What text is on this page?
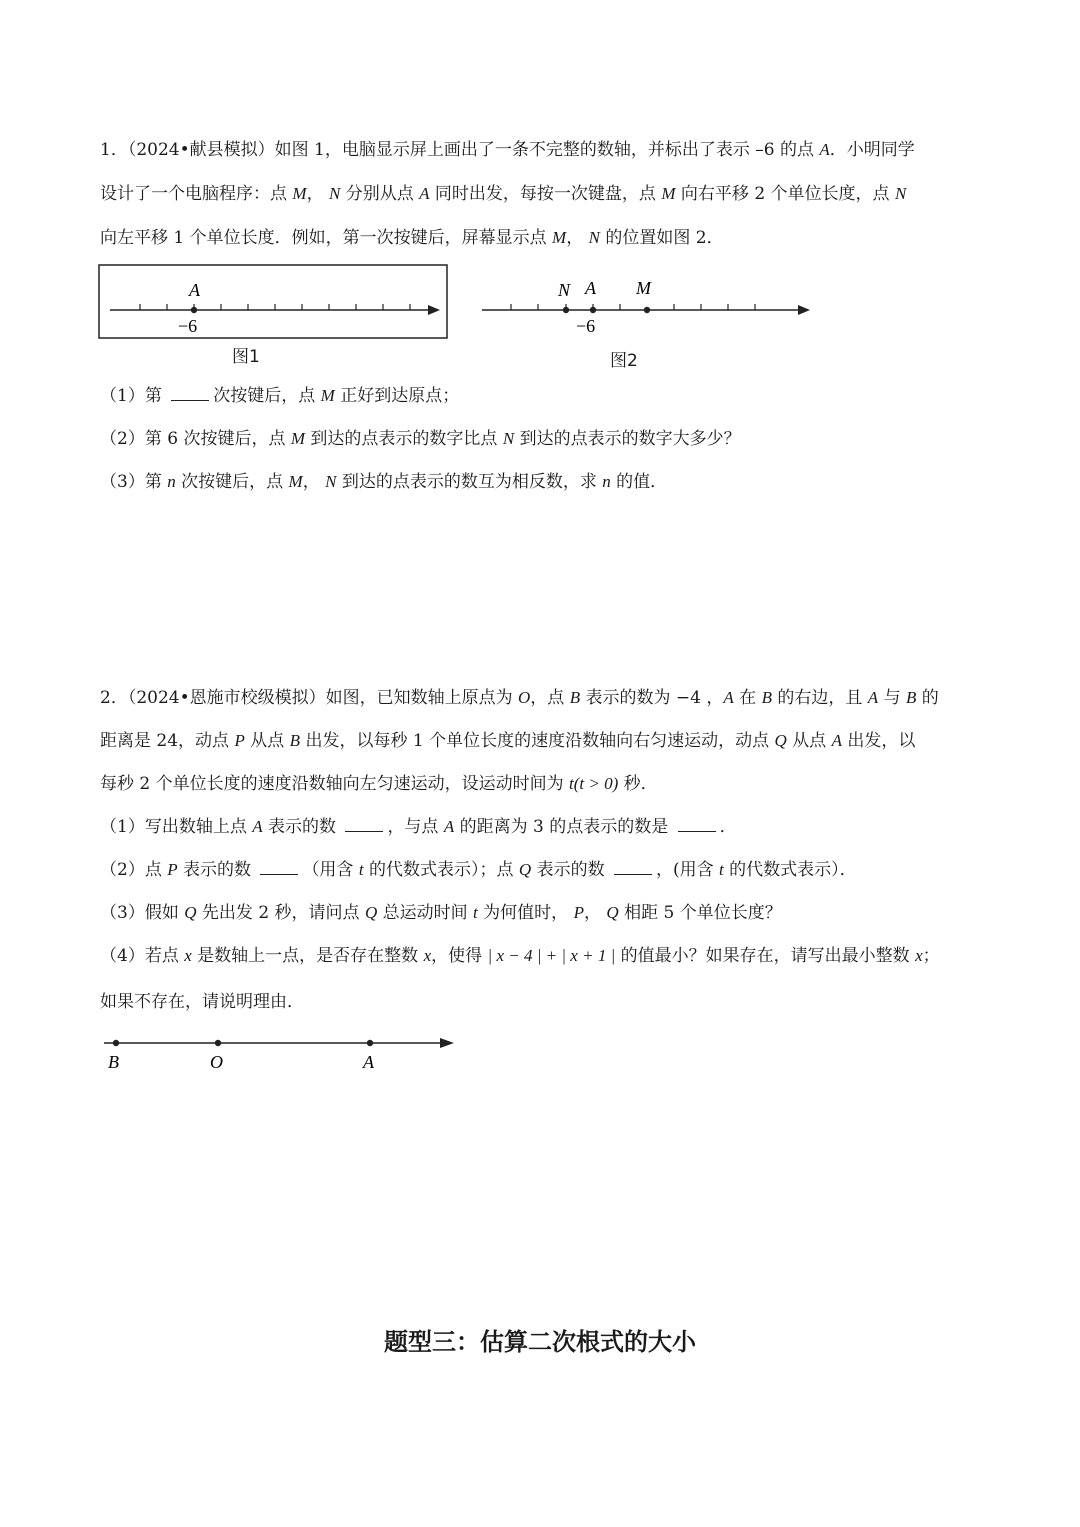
1．（2024•献县模拟）如图 1，电脑显示屏上画出了一条不完整的数轴，并标出了表示 –6 的点 A．小明同学
设计了一个电脑程序：点 M， N 分别从点 A 同时出发，每按一次键盘，点 M 向右平移 2 个单位长度，点 N
向左平移 1 个单位长度．例如，第一次按键后，屏幕显示点 M， N 的位置如图 2．
A
−6
图1
N A M
−6
图2
（1）第	次按键后，点 M 正好到达原点；
（2）第 6 次按键后，点 M 到达的点表示的数字比点 N 到达的点表示的数字大多少？
（3）第 n 次按键后，点 M， N 到达的点表示的数互为相反数，求 n 的值．
2．（2024•恩施市校级模拟）如图，已知数轴上原点为 O，点 B 表示的数为 −4 ，A 在 B 的右边，且 A 与 B 的
距离是 24，动点 P 从点 B 出发，以每秒 1 个单位长度的速度沿数轴向右匀速运动，动点 Q 从点 A 出发，以
每秒 2 个单位长度的速度沿数轴向左匀速运动，设运动时间为 t(t > 0) 秒．
（1）写出数轴上点 A 表示的数	，与点 A 的距离为 3 的点表示的数是	．
（2）点 P 表示的数	（用含 t 的代数式表示）；点 Q 表示的数	，(用含 t 的代数式表示）．
（3）假如 Q 先出发 2 秒，请问点 Q 总运动时间 t 为何值时， P， Q 相距 5 个单位长度？
（4）若点 x 是数轴上一点，是否存在整数 x，使得 | x − 4 | + | x + 1 | 的值最小？如果存在，请写出最小整数 x；
如果不存在，请说明理由．
B	O	A
题型三：估算二次根式的大小
